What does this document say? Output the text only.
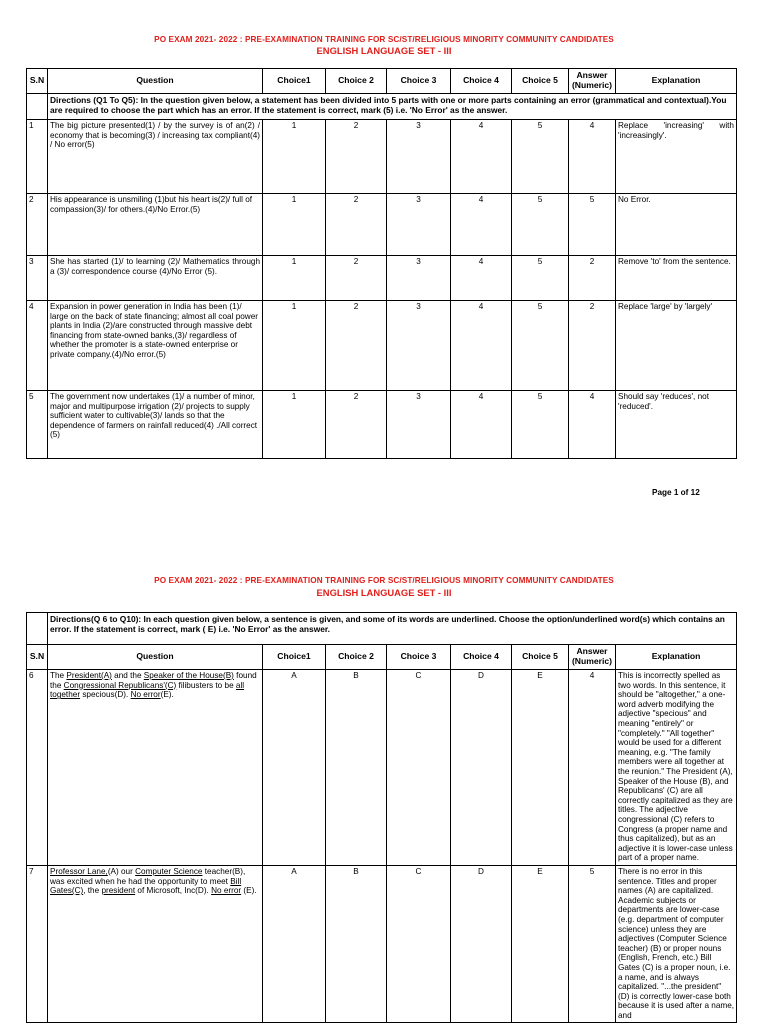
PO EXAM 2021- 2022 : PRE-EXAMINATION TRAINING FOR SC/ST/RELIGIOUS MINORITY COMMUNITY CANDIDATES
ENGLISH LANGUAGE SET - III
S.N	Question	Choice1	Choice 2	Choice 3	Choice 4	Choice 5	Answer (Numeric)	Explanation
	Directions (Q1 To Q5): In the question given below, a statement has been divided into 5 parts with one or more parts containing an error (grammatical and contextual).You are required to choose the part which has an error. If the statement is correct, mark (5) i.e. 'No Error' as the answer.							
1	The big picture presented(1) / by the survey is of an(2) / economy that is becoming(3) / increasing tax compliant(4) / No error(5)	1	2	3	4	5	4	Replace 'increasing' with 'increasingly'.
2	His appearance is unsmiling (1)but his heart is(2)/ full of compassion(3)/ for others.(4)/No Error.(5)	1	2	3	4	5	5	No Error.
3	She has started (1)/ to learning (2)/ Mathematics through a (3)/ correspondence course (4)/No Error (5).	1	2	3	4	5	2	Remove 'to' from the sentence.
4	Expansion in power generation in India has been (1)/ large on the back of state financing; almost all coal power plants in India (2)/are constructed through massive debt financing from state-owned banks,(3)/ regardless of whether the promoter is a state-owned enterprise or private company.(4)/No error.(5)	1	2	3	4	5	2	Replace 'large' by 'largely'
5	The government now undertakes (1)/ a number of minor, major and multipurpose irrigation (2)/ projects to supply sufficient water to cultivable(3)/ lands so that the dependence of farmers on rainfall reduced(4) ./All correct (5)	1	2	3	4	5	4	Should say 'reduces', not 'reduced'.
Page 1 of 12
PO EXAM 2021- 2022 : PRE-EXAMINATION TRAINING FOR SC/ST/RELIGIOUS MINORITY COMMUNITY CANDIDATES
ENGLISH LANGUAGE SET - III
	Directions(Q 6 to Q10): In each question given below, a sentence is given, and some of its words are underlined. Choose the option/underlined word(s) which contains an error. If the statement is correct, mark ( E) i.e. 'No Error' as the answer.							
S.N	Question	Choice1	Choice 2	Choice 3	Choice 4	Choice 5	Answer (Numeric)	Explanation
6	The President(A) and the Speaker of the House(B) found the Congressional Republicans'(C) filibusters to be all together specious(D). No error(E).	A	B	C	D	E	4	This is incorrectly spelled as two words. In this sentence, it should be "altogether," a one-word adverb modifying the adjective "specious" and meaning "entirely" or "completely." "All together" would be used for a different meaning, e.g. "The family members were all together at the reunion." The President (A), Speaker of the House (B), and Republicans' (C) are all correctly capitalized as they are titles. The adjective congressional (C) refers to Congress (a proper name and thus capitalized), but as an adjective it is lower-case unless part of a proper name.
7	Professor Lane,(A) our Computer Science teacher(B), was excited when he had the opportunity to meet Bill Gates(C), the president of Microsoft, Inc(D). No error (E).	A	B	C	D	E	5	There is no error in this sentence. Titles and proper names (A) are capitalized. Academic subjects or departments are lower-case (e.g. department of computer science) unless they are adjectives (Computer Science teacher) (B) or proper nouns (English, French, etc.) Bill Gates (C) is a proper noun, i.e. a name, and is always capitalized. "...the president" (D) is correctly lower-case both because it is used after a name, and
